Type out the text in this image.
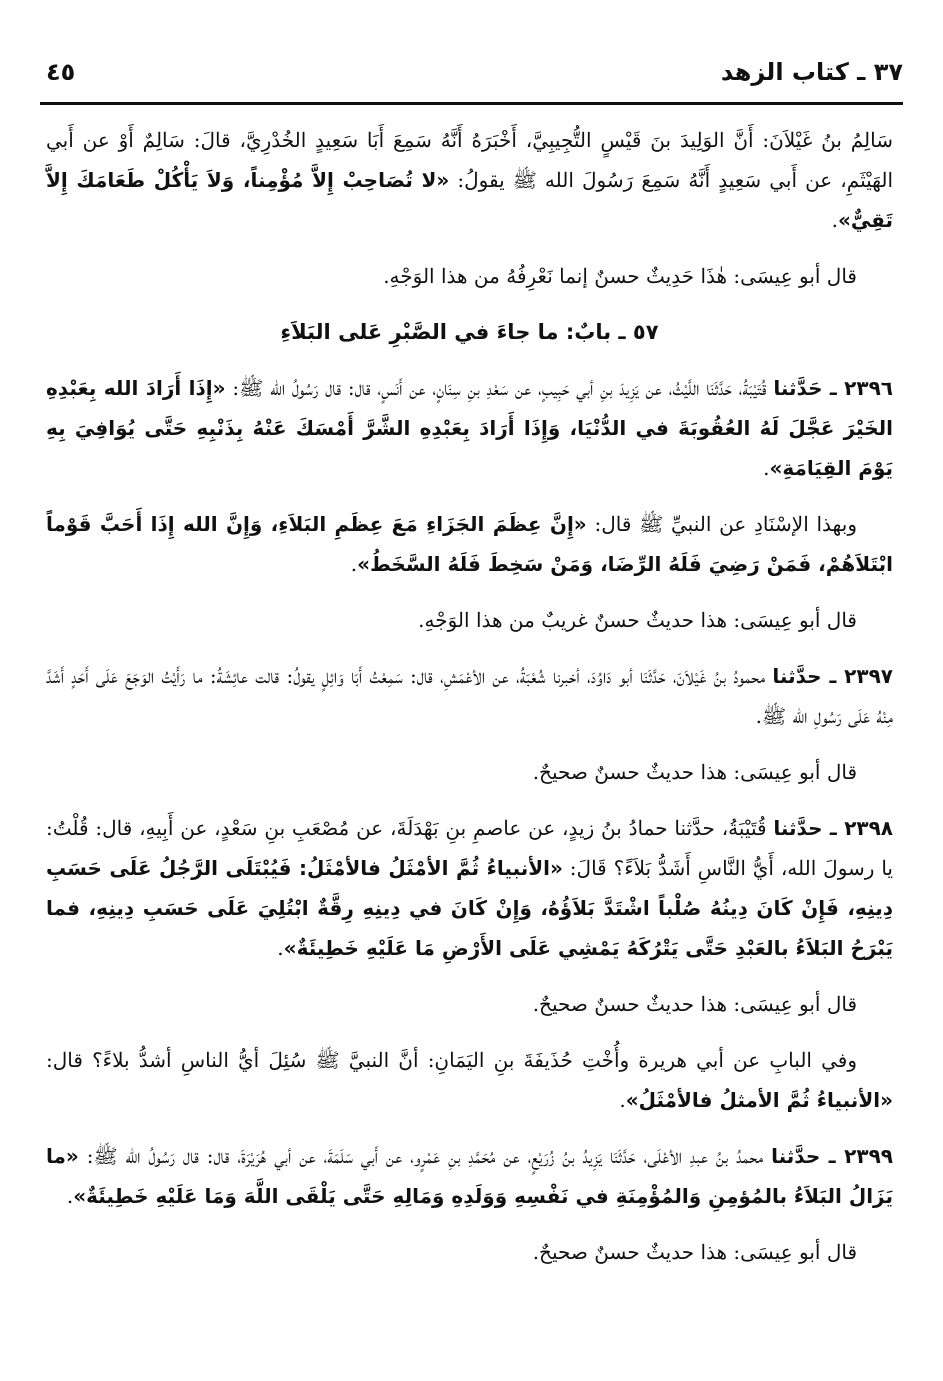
٣٧ ـ كتاب الزهد
٤٥

سَالِمُ بنُ غَيْلاَنَ: أَنَّ الوَلِيدَ بنَ قَيْسٍ التُّجِيبِيَّ، أَخْبَرَهُ أَنَّهُ سَمِعَ أَبَا سَعِيدٍ الخُدْرِيَّ، قالَ: سَالِمٌ أَوْ عن أَبي الهَيْثَمِ، عن أَبي سَعِيدٍ أَنَّهُ سَمِعَ رَسُولَ الله ﷺ يقولُ: «لا تُصَاحِبْ إِلاَّ مُؤْمِناً، وَلاَ يَأْكُلْ طَعَامَكَ إِلاَّ تَقِيٌّ».

قال أبو عِيسَى: هٰذَا حَدِيثٌ حسنٌ إنما نَعْرِفُهُ من هذا الوَجْهِ.

٥٧ ـ بابٌ: ما جاءَ في الصَّبْرِ عَلى البَلاَءِ

٢٣٩٦ ـ حَدَّثنا قُتَيْبَةُ، حَدَّثَنَا اللَّيْثُ، عن يَزِيدَ بنِ أبي حَبِيبٍ، عن سَعْدِ بنِ سِنَانٍ، عن أَنَسٍ، قال: قال رَسُولُ الله ﷺ: «إِذَا أَرَادَ الله بِعَبْدِهِ الخَيْرَ عَجَّلَ لَهُ العُقُوبَةَ في الدُّنْيَا، وَإِذَا أَرَادَ بِعَبْدِهِ الشَّرَّ أَمْسَكَ عَنْهُ بِذَنْبِهِ حَتَّى يُوَافِيَ بِهِ يَوْمَ القِيَامَةِ».

وبهذا الإسْنَادِ عن النبيِّ ﷺ قال: «إِنَّ عِظَمَ الجَزَاءِ مَعَ عِظَمِ البَلاَءِ، وَإِنَّ الله إِذَا أَحَبَّ قَوْماً ابْتَلاَهُمْ، فَمَنْ رَضِيَ فَلَهُ الرِّضَا، وَمَنْ سَخِطَ فَلَهُ السَّخَطُ».

قال أبو عِيسَى: هذا حديثٌ حسنٌ غريبٌ من هذا الوَجْهِ.

٢٣٩٧ ـ حدَّثنا محمودُ بنُ غَيْلاَنَ، حَدَّثَنَا أبو دَاوُدَ، أخبرنا شُعْبَةُ، عن الأعْمَشِ، قال: سَمِعْتُ أَبَا وَائِلٍ يقولُ: قالت عائِشَةُ: ما رَأَيْتُ الوَجَعَ عَلَى أَحَدٍ أَشَدَّ مِنْهُ عَلَى رَسُولِ الله ﷺ.

قال أبو عِيسَى: هذا حديثٌ حسنٌ صحيحٌ.

٢٣٩٨ ـ حدَّثنا قُتَيْبَةُ، حدَّثنا حمادُ بنُ زيدٍ، عن عاصمِ بنِ بَهْدَلَةَ، عن مُصْعَبِ بنِ سَعْدٍ، عن أَبِيهِ، قال: قُلْتُ: يا رسولَ الله، أَيُّ النَّاسِ أَشَدُّ بَلاَءً؟ قَالَ: «الأنبياءُ ثُمَّ الأمْثَلُ فالأمْثَلُ: فَيُبْتَلَى الرَّجُلُ عَلَى حَسَبِ دِينِهِ، فَإِنْ كَانَ دِينُهُ صُلْباً اشْتَدَّ بَلاَؤُهُ، وَإِنْ كَانَ في دِينِهِ رِقَّةٌ ابْتُلِيَ عَلَى حَسَبِ دِينِهِ، فما يَبْرَحُ البَلاَءُ بالعَبْدِ حَتَّى يَتْرُكَهُ يَمْشِي عَلَى الأَرْضِ مَا عَلَيْهِ خَطِيئَةٌ».

قال أبو عِيسَى: هذا حديثٌ حسنٌ صحيحٌ.

وفي البابِ عن أبي هريرة وأُخْتِ حُذَيفَةَ بنِ اليَمَانِ: أنَّ النبيَّ ﷺ سُئِلَ أيُّ الناسِ أشدُّ بلاءً؟ قال: «الأنبياءُ ثُمَّ الأمثلُ فالأمْثَلُ».

٢٣٩٩ ـ حدَّثنا محمدُ بنُ عبدِ الأعْلَى، حَدَّثَنَا يَزِيدُ بنُ زُرَيْعٍ، عن مُحَمَّدِ بنِ عَمْرٍو، عن أَبي سَلَمَةَ، عن أبي هُرَيْرَةَ، قال: قال رَسُولُ الله ﷺ: «ما يَزَالُ البَلاَءُ بالمُؤمِنِ وَالمُؤْمِنَةِ في نَفْسِهِ وَوَلَدِهِ وَمَالِهِ حَتَّى يَلْقَى اللَّهَ وَمَا عَلَيْهِ خَطِيئَةٌ».

قال أبو عِيسَى: هذا حديثٌ حسنٌ صحيحٌ.
